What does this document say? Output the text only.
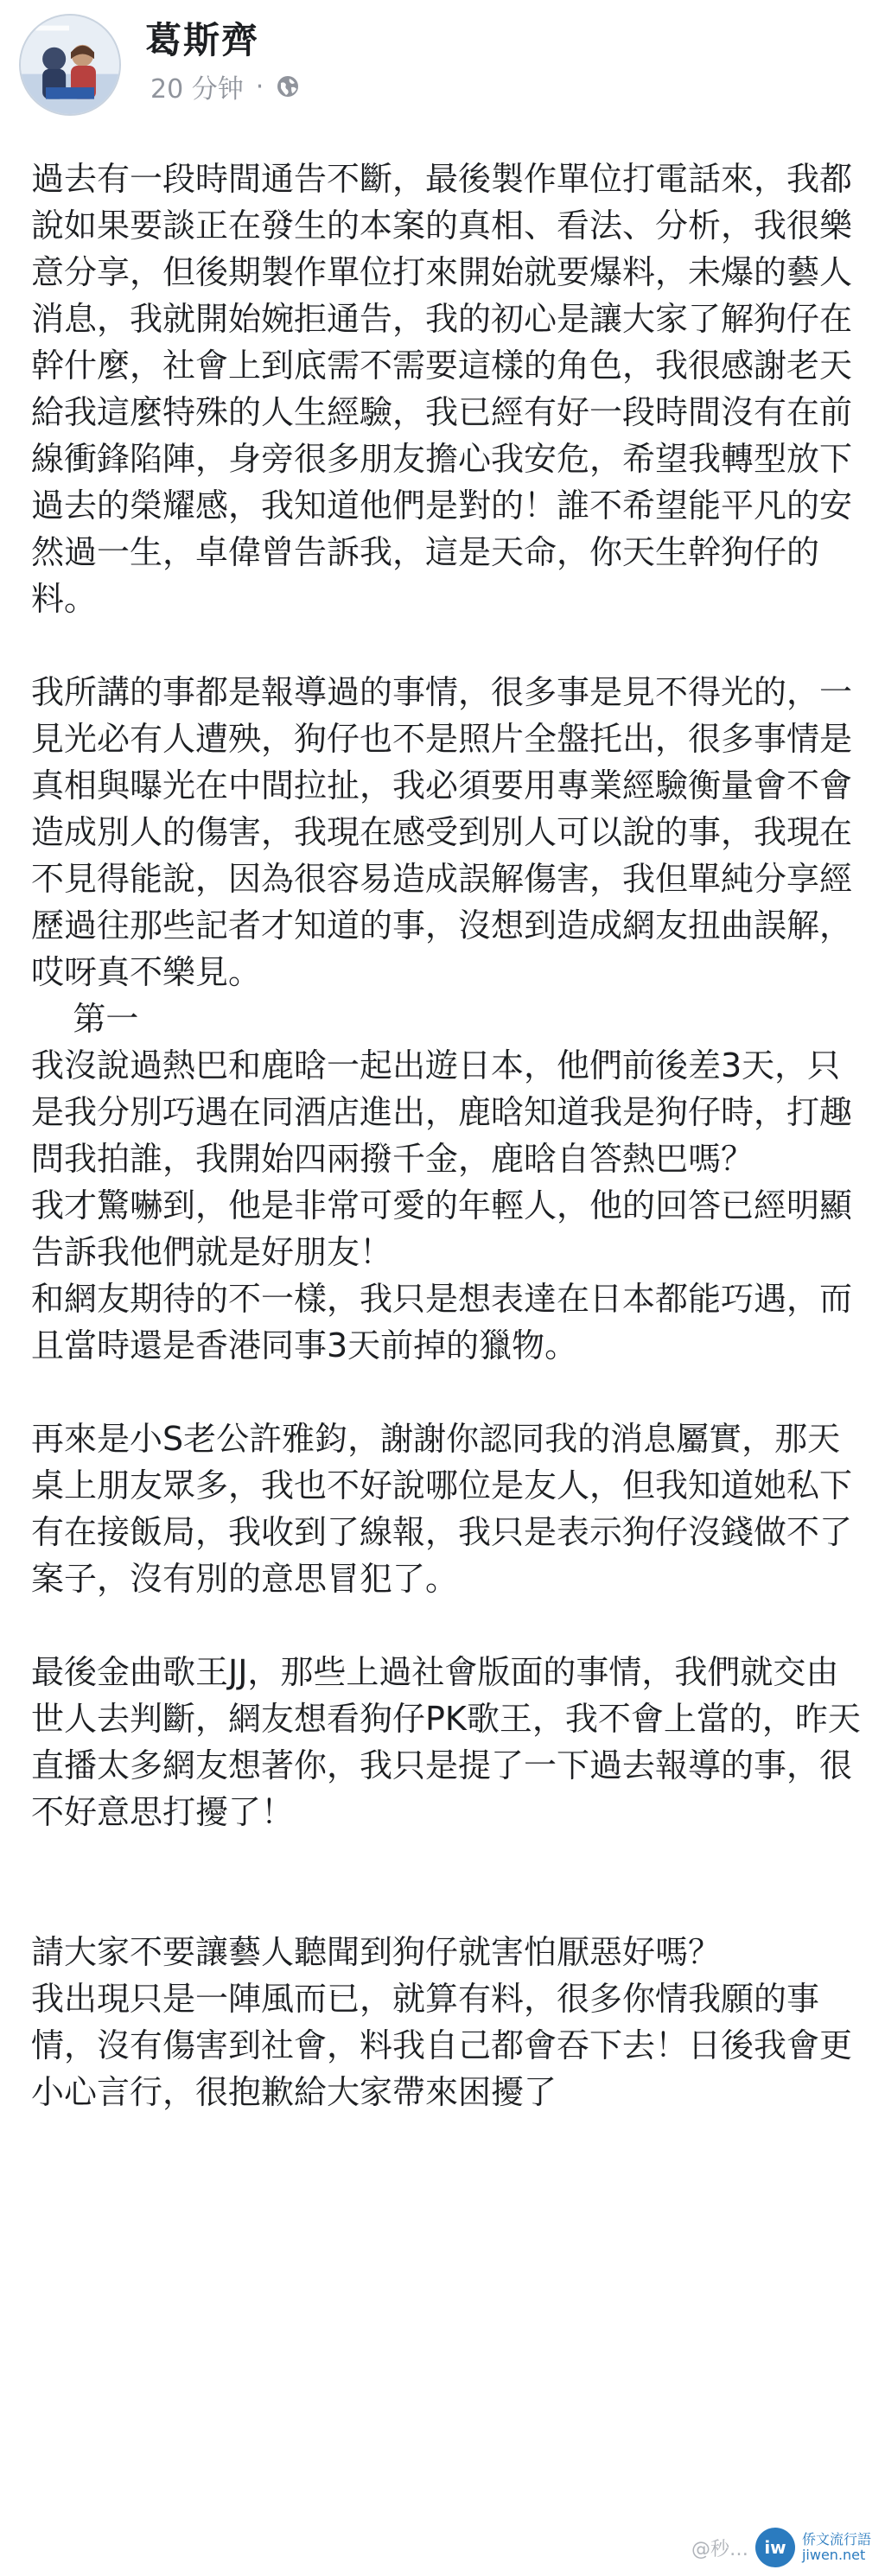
葛斯齊
20 分钟 ·
過去有一段時間通告不斷，最後製作單位打電話來，我都說如果要談正在發生的本案的真相、看法、分析，我很樂意分享，但後期製作單位打來開始就要爆料，未爆的藝人消息，我就開始婉拒通告，我的初心是讓大家了解狗仔在幹什麼，社會上到底需不需要這樣的角色，我很感謝老天給我這麼特殊的人生經驗，我已經有好一段時間沒有在前線衝鋒陷陣，身旁很多朋友擔心我安危，希望我轉型放下過去的榮耀感，我知道他們是對的！誰不希望能平凡的安然過一生，卓偉曾告訴我，這是天命，你天生幹狗仔的料。
我所講的事都是報導過的事情，很多事是見不得光的，一見光必有人遭殃，狗仔也不是照片全盤托出，很多事情是真相與曝光在中間拉扯，我必須要用專業經驗衡量會不會造成別人的傷害，我現在感受到別人可以說的事，我現在不見得能說，因為很容易造成誤解傷害，我但單純分享經歷過往那些記者才知道的事，沒想到造成網友扭曲誤解，哎呀真不樂見。
第一
我沒說過熱巴和鹿晗一起出遊日本，他們前後差3天，只是我分別巧遇在同酒店進出，鹿晗知道我是狗仔時，打趣問我拍誰，我開始四兩撥千金，鹿晗自答熱巴嗎？
我才驚嚇到，他是非常可愛的年輕人，他的回答已經明顯告訴我他們就是好朋友！
和網友期待的不一樣，我只是想表達在日本都能巧遇，而且當時還是香港同事3天前掉的獵物。
再來是小S老公許雅鈞，謝謝你認同我的消息屬實，那天桌上朋友眾多，我也不好說哪位是友人，但我知道她私下有在接飯局，我收到了線報，我只是表示狗仔沒錢做不了案子，沒有別的意思冒犯了。
最後金曲歌王JJ，那些上過社會版面的事情，我們就交由世人去判斷，網友想看狗仔PK歌王，我不會上當的，昨天直播太多網友想著你，我只是提了一下過去報導的事，很不好意思打擾了！

請大家不要讓藝人聽聞到狗仔就害怕厭惡好嗎？
我出現只是一陣風而已，就算有料，很多你情我願的事情，沒有傷害到社會，料我自己都會吞下去！￼￼￼日後我會更小心言行，很抱歉給大家帶來困擾了
@秒… iw	侨文流行語
jiwen.net
